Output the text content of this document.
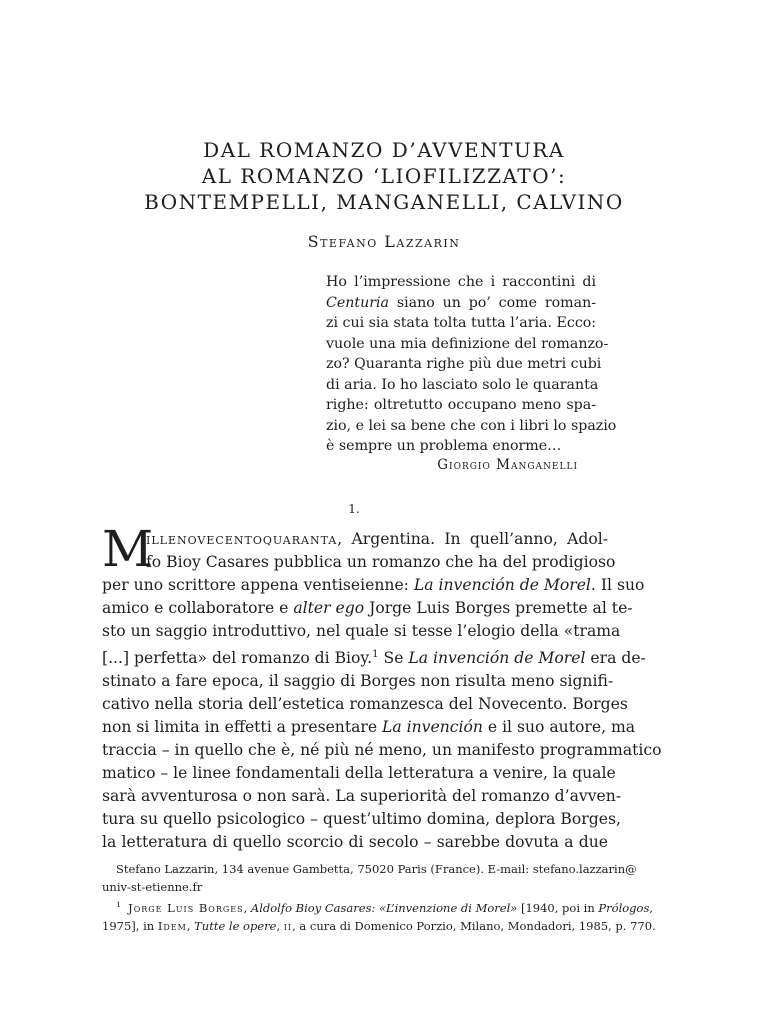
DAL ROMANZO D’AVVENTURA
AL ROMANZO ‘LIOFILIZZATO’:
BONTEMPELLI, MANGANELLI, CALVINO
Stefano Lazzarin
Ho l’impressione che i raccontini di
Centuria siano un po’ come roman-
zi cui sia stata tolta tutta l’aria. Ecco:
vuole una mia definizione del romanzo-
zo? Quaranta righe più due metri cubi
di aria. Io ho lasciato solo le quaranta
righe: oltretutto occupano meno spa-
zio, e lei sa bene che con i libri lo spazio
è sempre un problema enorme…
Giorgio Manganelli
1.
M
illenovecentoquaranta, Argentina. In quell’anno, Adol-
fo Bioy Casares pubblica un romanzo che ha del prodigioso
per uno scrittore appena ventiseienne: La invención de Morel. Il suo
amico e collaboratore e alter ego Jorge Luis Borges premette al te-
sto un saggio introduttivo, nel quale si tesse l’elogio della «trama
[...] perfetta» del romanzo di Bioy.$^1$ Se La invención de Morel era de-
stinato a fare epoca, il saggio di Borges non risulta meno signifi-
cativo nella storia dell’estetica romanzesca del Novecento. Borges
non si limita in effetti a presentare La invención e il suo autore, ma
traccia – in quello che è, né più né meno, un manifesto programmatico
matico – le linee fondamentali della letteratura a venire, la quale
sarà avventurosa o non sarà. La superiorità del romanzo d’avven-
tura su quello psicologico – quest’ultimo domina, deplora Borges,
la letteratura di quello scorcio di secolo – sarebbe dovuta a due
Stefano Lazzarin, 134 avenue Gambetta, 75020 Paris (France). E-mail: stefano.lazzarin@
univ-st-etienne.fr
$^1$ Jorge Luis Borges, Aldolfo Bioy Casares: «L’invenzione di Morel» [1940, poi in Prólogos,
1975], in Idem, Tutte le opere, ii, a cura di Domenico Porzio, Milano, Mondadori, 1985, p. 770.
